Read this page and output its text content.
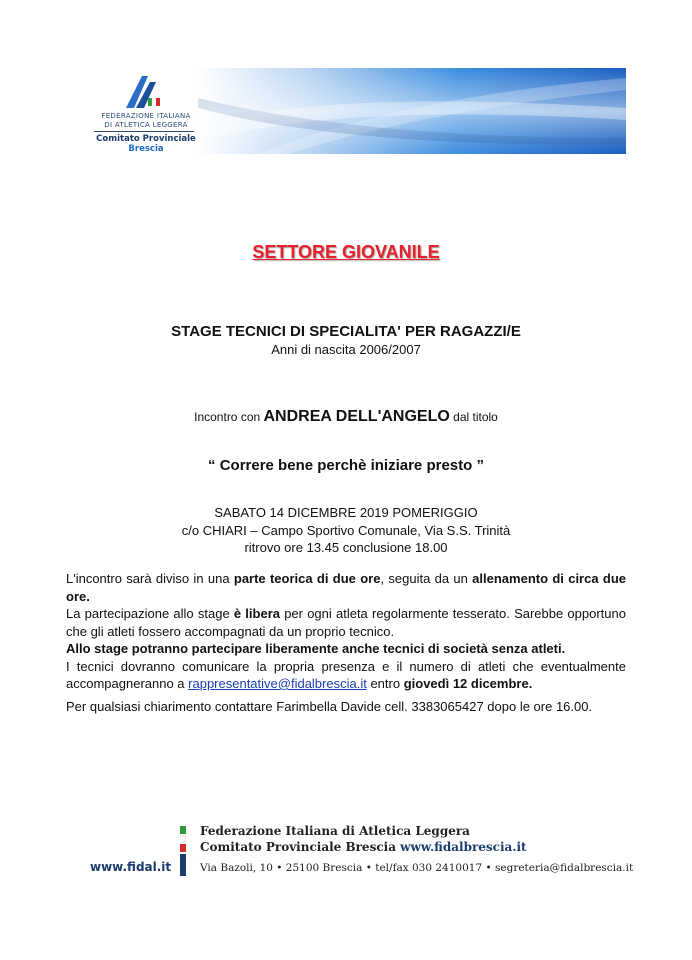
FEDERAZIONE ITALIANA
DI ATLETICA LEGGERA
Comitato Provinciale Brescia
SETTORE GIOVANILE
STAGE TECNICI DI SPECIALITA' PER RAGAZZI/E
Anni di nascita 2006/2007
Incontro con ANDREA DELL'ANGELO dal titolo
“ Correre bene perchè iniziare presto ”
SABATO 14 DICEMBRE 2019 POMERIGGIO
c/o CHIARI – Campo Sportivo Comunale, Via S.S. Trinità
ritrovo ore 13.45 conclusione 18.00
L'incontro sarà diviso in una parte teorica di due ore, seguita da un allenamento di circa due ore.
La partecipazione allo stage è libera per ogni atleta regolarmente tesserato. Sarebbe opportuno che gli atleti fossero accompagnati da un proprio tecnico.
Allo stage potranno partecipare liberamente anche tecnici di società senza atleti.
I tecnici dovranno comunicare la propria presenza e il numero di atleti che eventualmente accompagneranno a rappresentative@fidalbrescia.it entro giovedì 12 dicembre.
Per qualsiasi chiarimento contattare Farimbella Davide cell. 3383065427 dopo le ore 16.00.
www.fidal.it
Federazione Italiana di Atletica Leggera
Comitato Provinciale Brescia www.fidalbrescia.it
Via Bazoli, 10 • 25100 Brescia • tel/fax 030 2410017 • segreteria@fidalbrescia.it
